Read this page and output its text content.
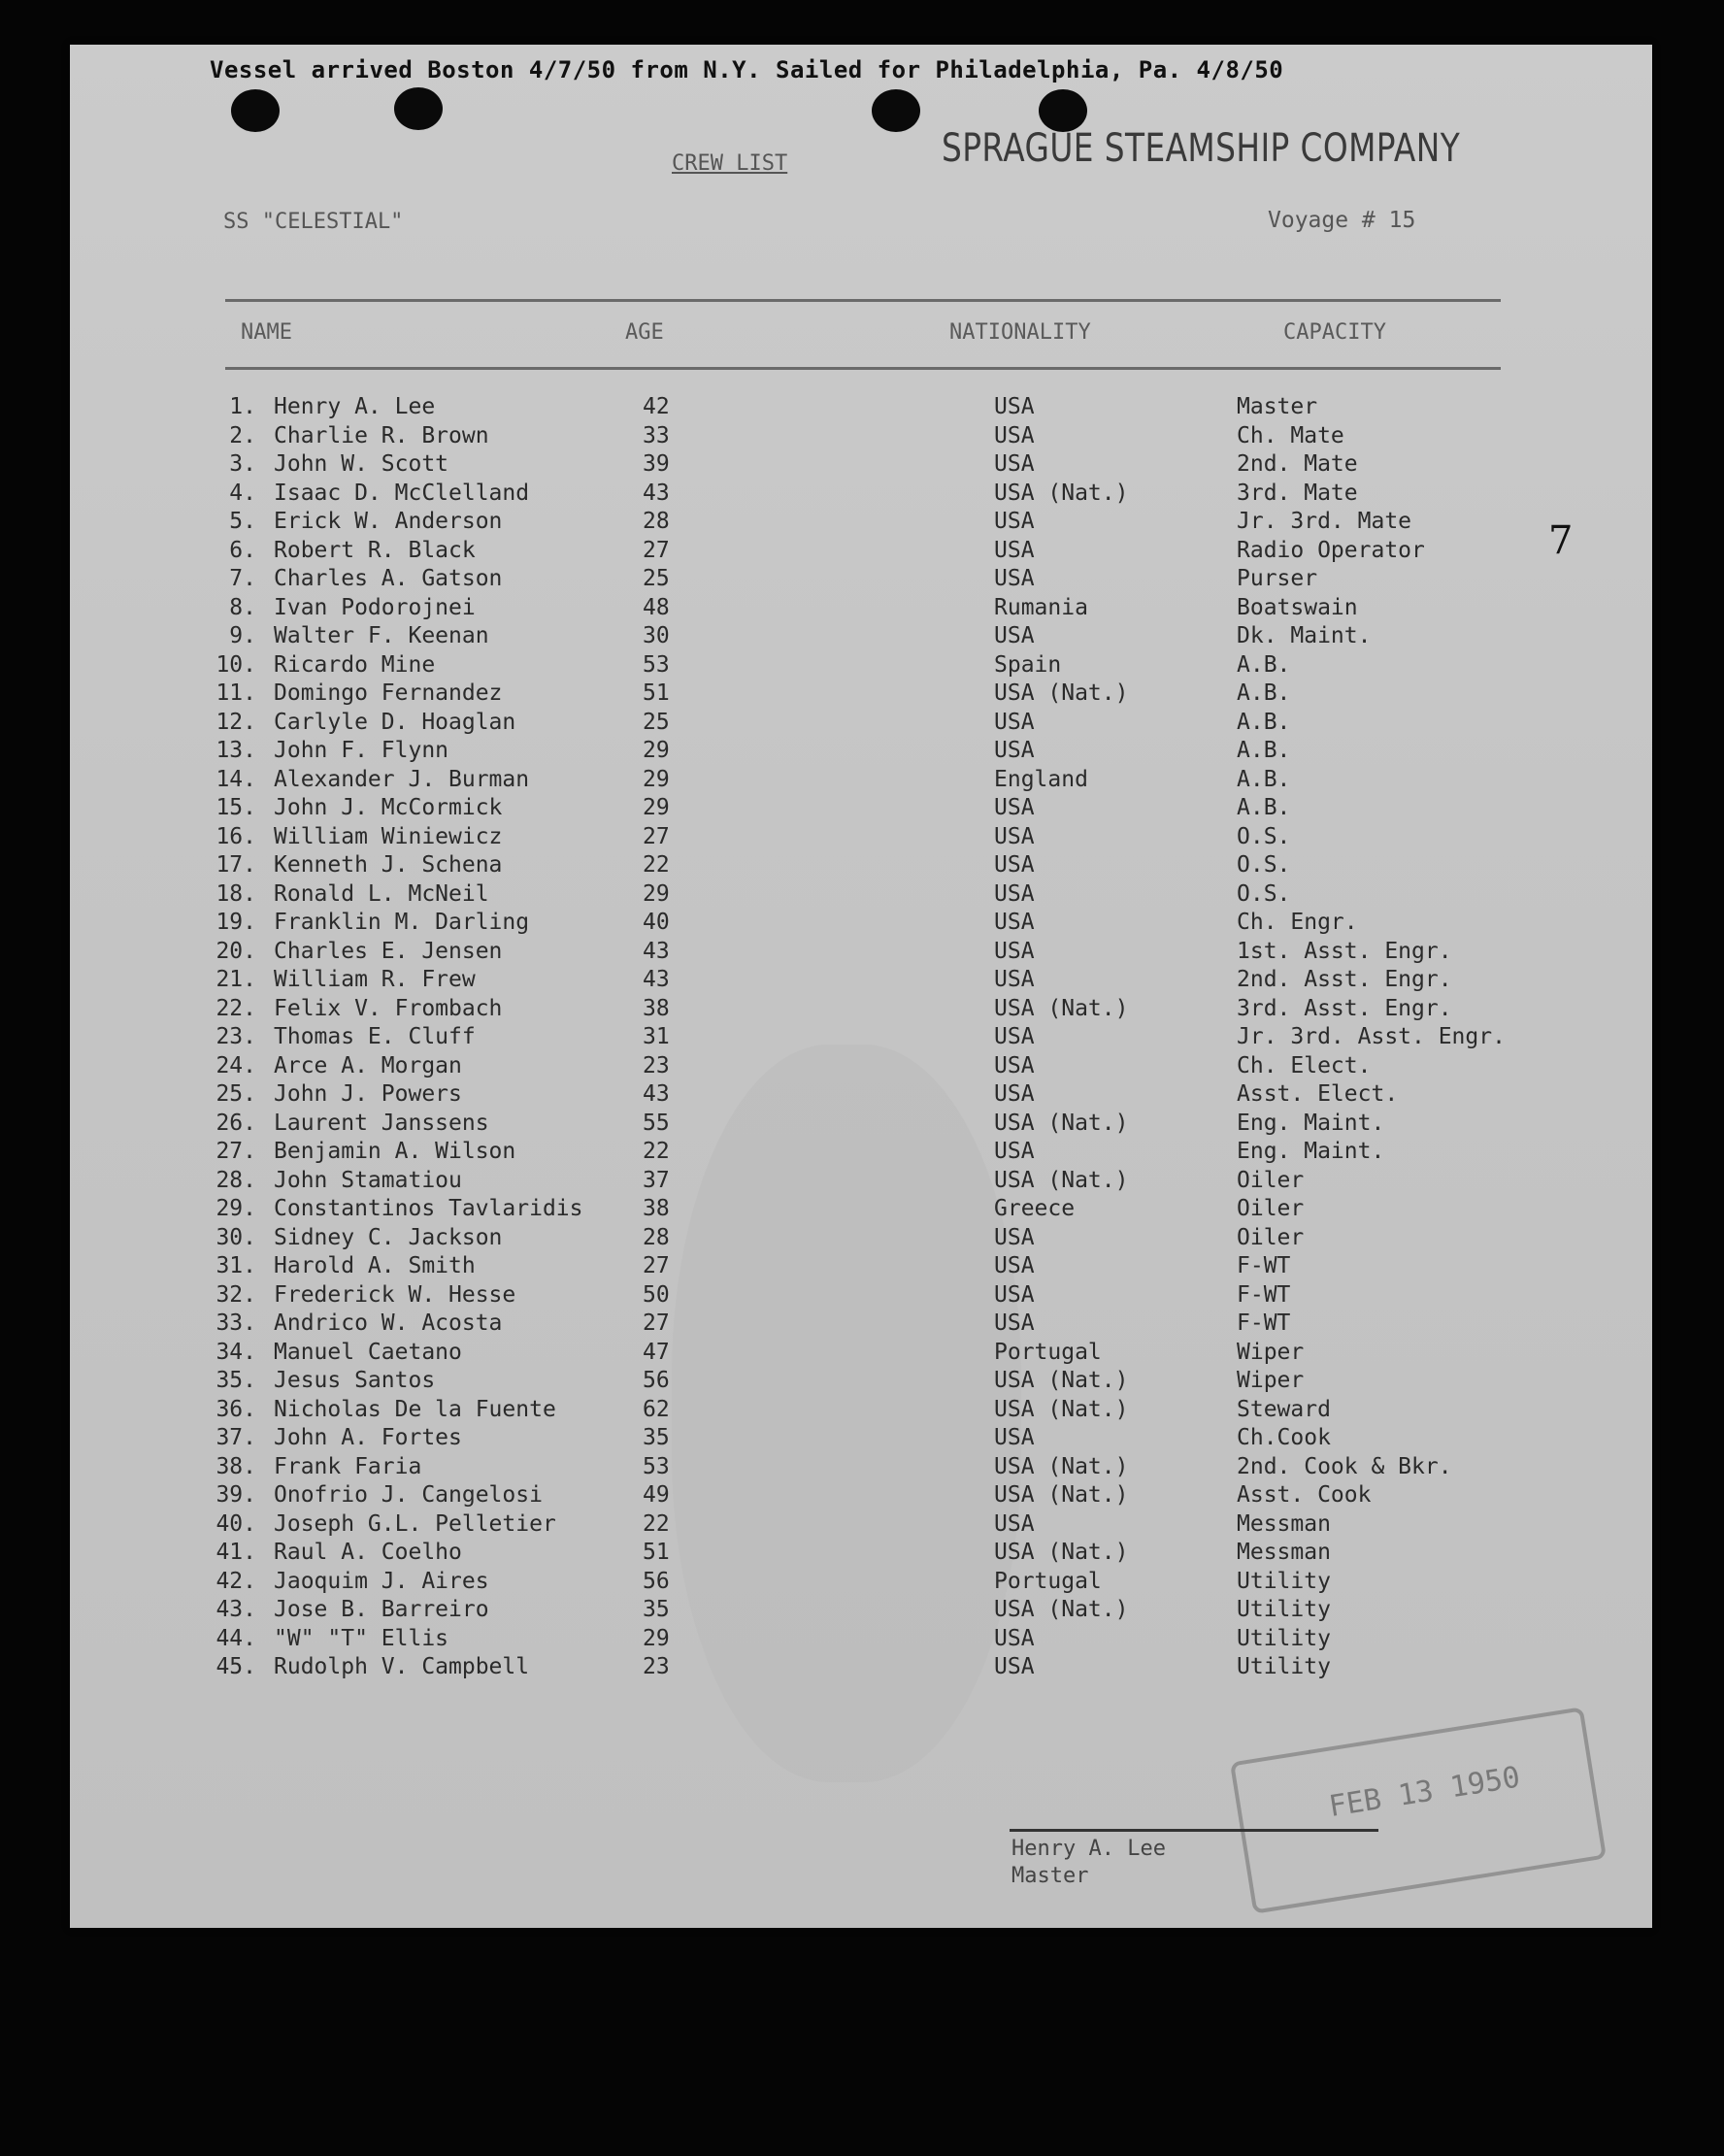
Vessel arrived Boston 4/7/50 from N.Y. Sailed for Philadelphia, Pa. 4/8/50
CREW LIST	SPRAGUE STEAMSHIP COMPANY
SS "CELESTIAL"	Voyage # 15
NAME	AGE	NATIONALITY	CAPACITY
1. Henry A. Lee	42	USA	Master
2. Charlie R. Brown	33	USA	Ch. Mate
3. John W. Scott	39	USA	2nd. Mate
4. Isaac D. McClelland	43	USA (Nat.)	3rd. Mate
5. Erick W. Anderson	28	USA	Jr. 3rd. Mate
6. Robert R. Black	27	USA	Radio Operator
7. Charles A. Gatson	25	USA	Purser
8. Ivan Podorojnei	48	Rumania	Boatswain
9. Walter F. Keenan	30	USA	Dk. Maint.
10. Ricardo Mine	53	Spain	A.B.
11. Domingo Fernandez	51	USA (Nat.)	A.B.
12. Carlyle D. Hoaglan	25	USA	A.B.
13. John F. Flynn	29	USA	A.B.
14. Alexander J. Burman	29	England	A.B.
15. John J. McCormick	29	USA	A.B.
16. William Winiewicz	27	USA	O.S.
17. Kenneth J. Schena	22	USA	O.S.
18. Ronald L. McNeil	29	USA	O.S.
19. Franklin M. Darling	40	USA	Ch. Engr.
20. Charles E. Jensen	43	USA	1st. Asst. Engr.
21. William R. Frew	43	USA	2nd. Asst. Engr.
22. Felix V. Frombach	38	USA (Nat.)	3rd. Asst. Engr.
23. Thomas E. Cluff	31	USA	Jr. 3rd. Asst. Engr.
24. Arce A. Morgan	23	USA	Ch. Elect.
25. John J. Powers	43	USA	Asst. Elect.
26. Laurent Janssens	55	USA (Nat.)	Eng. Maint.
27. Benjamin A. Wilson	22	USA	Eng. Maint.
28. John Stamatiou	37	USA (Nat.)	Oiler
29. Constantinos Tavlaridis	38	Greece	Oiler
30. Sidney C. Jackson	28	USA	Oiler
31. Harold A. Smith	27	USA	F-WT
32. Frederick W. Hesse	50	USA	F-WT
33. Andrico W. Acosta	27	USA	F-WT
34. Manuel Caetano	47	Portugal	Wiper
35. Jesus Santos	56	USA (Nat.)	Wiper
36. Nicholas De la Fuente	62	USA (Nat.)	Steward
37. John A. Fortes	35	USA	Ch.Cook
38. Frank Faria	53	USA (Nat.)	2nd. Cook & Bkr.
39. Onofrio J. Cangelosi	49	USA (Nat.)	Asst. Cook
40. Joseph G.L. Pelletier	22	USA	Messman
41. Raul A. Coelho	51	USA (Nat.)	Messman
42. Jaoquim J. Aires	56	Portugal	Utility
43. Jose B. Barreiro	35	USA (Nat.)	Utility
44. "W" "T" Ellis	29	USA	Utility
45. Rudolph V. Campbell	23	USA	Utility
7
FEB 13 1950
Henry A. Lee
Master
